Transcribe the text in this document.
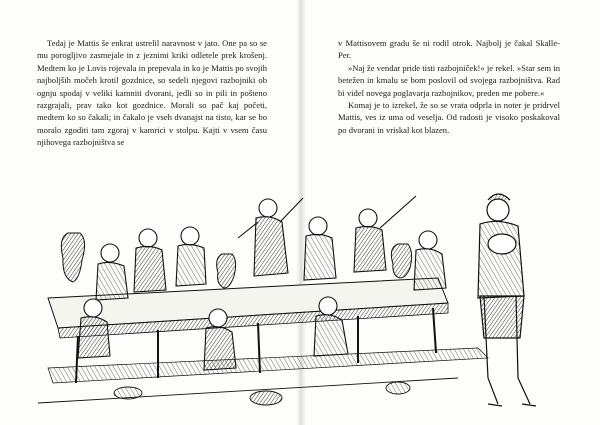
Tedaj je Mattis še enkrat ustrelil naravnost v jato. One pa so se mu porogljivo zasmejale in z jeznimi kriki odletele prek krošenj. Medtem ko je Lovis rojevala in prepevala in ko je Mattis po svojih najboljših močeh krotil gozdnice, so sedeli njegovi razbojniki ob ognju spodaj v veliki kamniti dvorani, jedli so in pili in poštenо razgrajali, prav tako kot gozdnice. Morali so pač kaj početi, medtem ko so čakali; in čakalo je vseh dvanajst na tisto, kar se bo moralo zgoditi tam zgoraj v kamrici v stolpu. Kajti v vsem času njihovega razbojništva se

v Mattisovem gradu še ni rodil otrok. Najbolj je čakal Skalle-Per.

»Naj že vendar pride tisti razbojniček!« je rekel. »Star sem in betežen in kmalu se bom poslovil od svojega razbojništva. Rad bi videl novega poglavarja razbojnikov, preden me pobere.«

Komaj je to izrekel, že so se vrata odprla in noter je pridrvel Mattis, ves iz uma od veselja. Od radosti je visoko poskakoval po dvorani in vriskal kot blazen.
